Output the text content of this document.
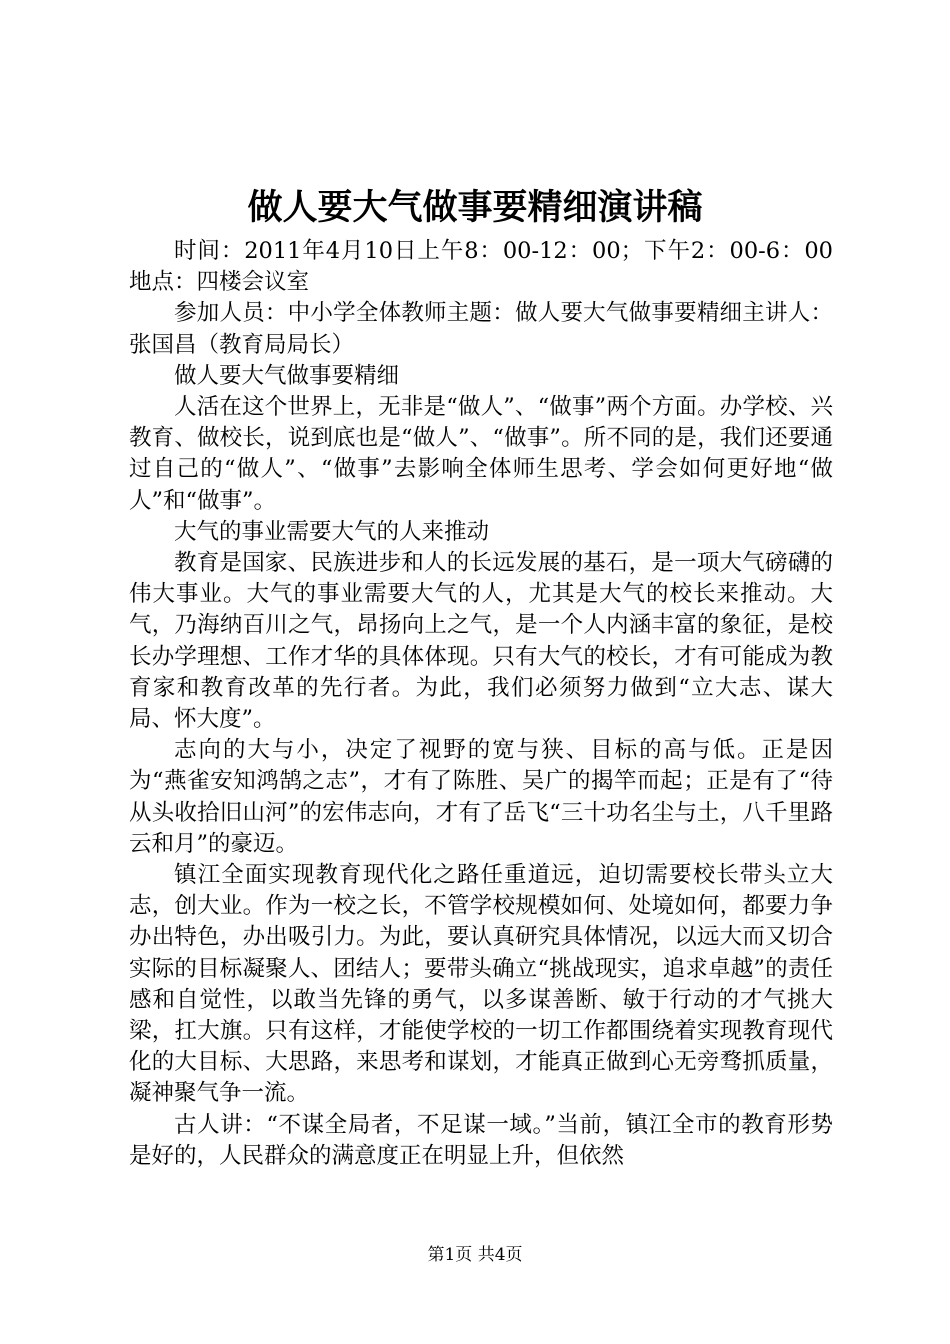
做人要大气做事要精细演讲稿

时间：2011年4月10日上午8：00-12：00；下午2：00-6：00地点：四楼会议室

参加人员：中小学全体教师主题：做人要大气做事要精细主讲人：张国昌（教育局局长）

做人要大气做事要精细

人活在这个世界上，无非是“做人”、“做事”两个方面。办学校、兴教育、做校长，说到底也是“做人”、“做事”。所不同的是，我们还要通过自己的“做人”、“做事”去影响全体师生思考、学会如何更好地“做人”和“做事”。

大气的事业需要大气的人来推动

教育是国家、民族进步和人的长远发展的基石，是一项大气磅礴的伟大事业。大气的事业需要大气的人，尤其是大气的校长来推动。大气，乃海纳百川之气，昂扬向上之气，是一个人内涵丰富的象征，是校长办学理想、工作才华的具体体现。只有大气的校长，才有可能成为教育家和教育改革的先行者。为此，我们必须努力做到“立大志、谋大局、怀大度”。

志向的大与小，决定了视野的宽与狭、目标的高与低。正是因为“燕雀安知鸿鹄之志”，才有了陈胜、吴广的揭竿而起；正是有了“待从头收拾旧山河”的宏伟志向，才有了岳飞“三十功名尘与土，八千里路云和月”的豪迈。

镇江全面实现教育现代化之路任重道远，迫切需要校长带头立大志，创大业。作为一校之长，不管学校规模如何、处境如何，都要力争办出特色，办出吸引力。为此，要认真研究具体情况，以远大而又切合实际的目标凝聚人、团结人；要带头确立“挑战现实，追求卓越”的责任感和自觉性，以敢当先锋的勇气，以多谋善断、敏于行动的才气挑大梁，扛大旗。只有这样，才能使学校的一切工作都围绕着实现教育现代化的大目标、大思路，来思考和谋划，才能真正做到心无旁骛抓质量，凝神聚气争一流。

古人讲：“不谋全局者，不足谋一域。”当前，镇江全市的教育形势是好的，人民群众的满意度正在明显上升，但依然

第1页 共4页
